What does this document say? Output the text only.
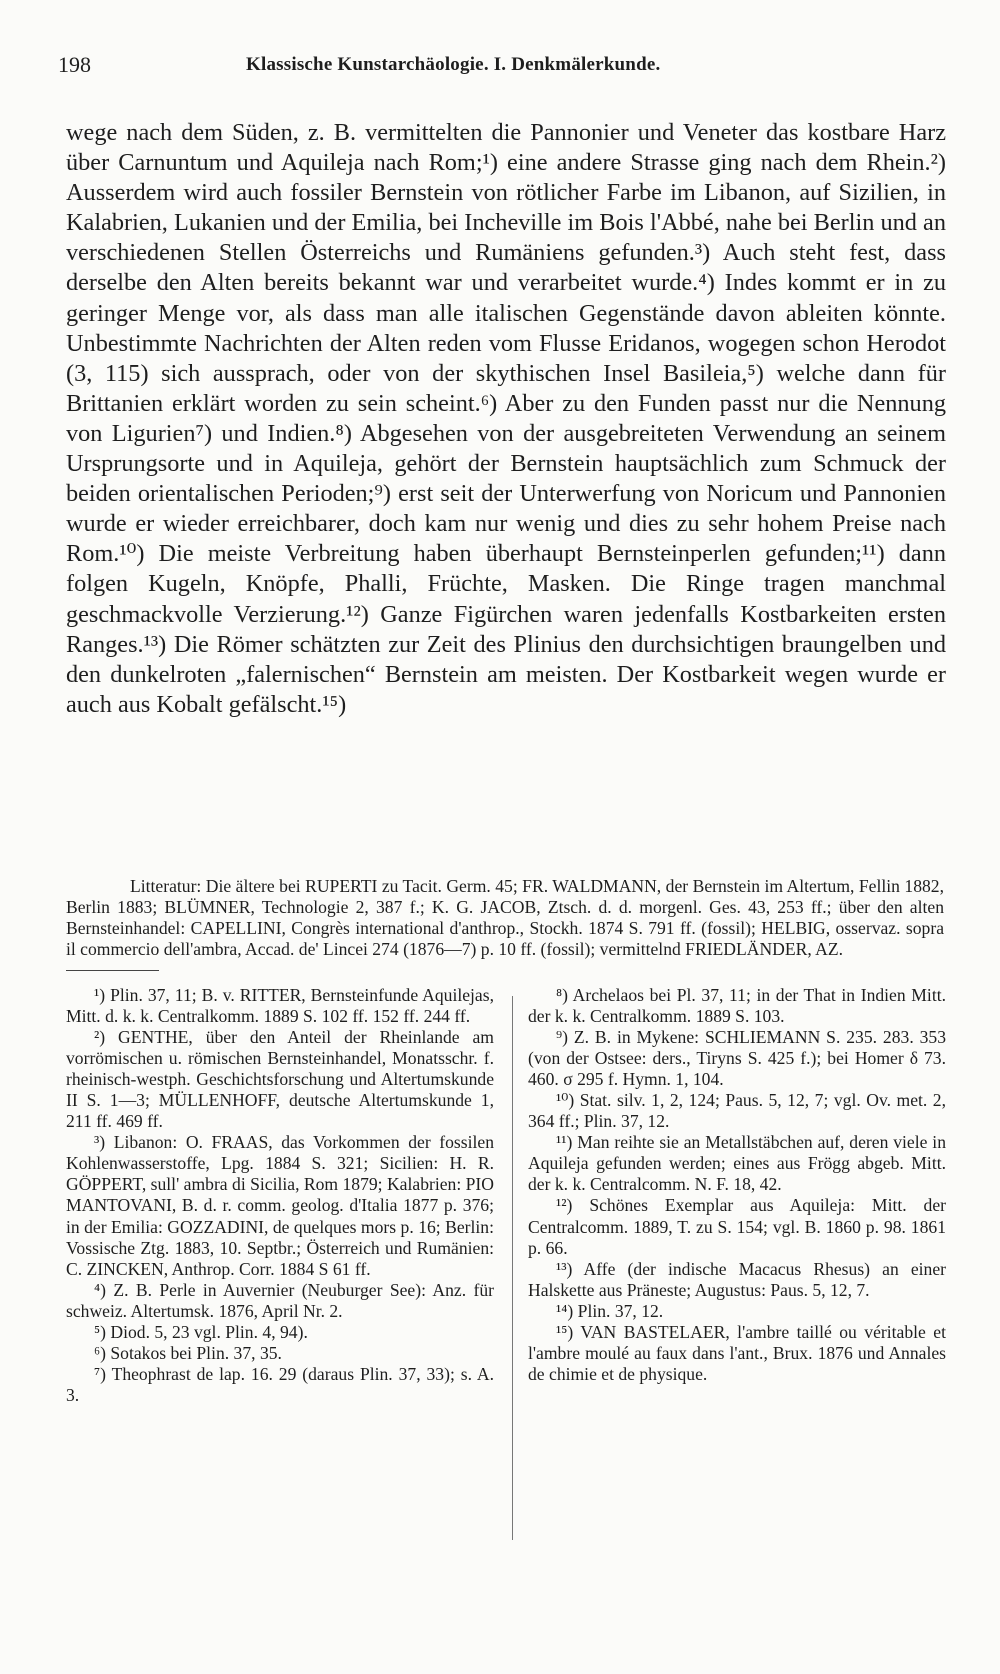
198	Klassische Kunstarchäologie. I. Denkmälerkunde.

wege nach dem Süden, z. B. vermittelten die Pannonier und Veneter das kostbare Harz über Carnuntum und Aquileja nach Rom;¹) eine andere Strasse ging nach dem Rhein.²) Ausserdem wird auch fossiler Bernstein von rötlicher Farbe im Libanon, auf Sizilien, in Kalabrien, Lukanien und der Emilia, bei Incheville im Bois l'Abbé, nahe bei Berlin und an verschiedenen Stellen Österreichs und Rumäniens gefunden.³) Auch steht fest, dass derselbe den Alten bereits bekannt war und verarbeitet wurde.⁴) Indes kommt er in zu geringer Menge vor, als dass man alle italischen Gegenstände davon ableiten könnte. Unbestimmte Nachrichten der Alten reden vom Flusse Eridanos, wogegen schon Herodot (3, 115) sich aussprach, oder von der skythischen Insel Basileia,⁵) welche dann für Brittanien erklärt worden zu sein scheint.⁶) Aber zu den Funden passt nur die Nennung von Ligurien⁷) und Indien.⁸) Abgesehen von der ausgebreiteten Verwendung an seinem Ursprungsorte und in Aquileja, gehört der Bernstein hauptsächlich zum Schmuck der beiden orientalischen Perioden;⁹) erst seit der Unterwerfung von Noricum und Pannonien wurde er wieder erreichbarer, doch kam nur wenig und dies zu sehr hohem Preise nach Rom.¹⁰) Die meiste Verbreitung haben überhaupt Bernsteinperlen gefunden;¹¹) dann folgen Kugeln, Knöpfe, Phalli, Früchte, Masken. Die Ringe tragen manchmal geschmackvolle Verzierung.¹²) Ganze Figürchen waren jedenfalls Kostbarkeiten ersten Ranges.¹³) Die Römer schätzten zur Zeit des Plinius den durchsichtigen braungelben und den dunkelroten „falernischen“ Bernstein am meisten. Der Kostbarkeit wegen wurde er auch aus Kobalt gefälscht.¹⁵)

Litteratur: Die ältere bei RUPERTI zu Tacit. Germ. 45; FR. WALDMANN, der Bernstein im Altertum, Fellin 1882, Berlin 1883; BLÜMNER, Technologie 2, 387 f.; K. G. JACOB, Ztsch. d. d. morgenl. Ges. 43, 253 ff.; über den alten Bernsteinhandel: CAPELLINI, Congrès international d'anthrop., Stockh. 1874 S. 791 ff. (fossil); HELBIG, osservaz. sopra il commercio dell'ambra, Accad. de' Lincei 274 (1876—7) p. 10 ff. (fossil); vermittelnd FRIEDLÄNDER, AZ.

¹) Plin. 37, 11; B. v. RITTER, Bernsteinfunde Aquilejas, Mitt. d. k. k. Centralkomm. 1889 S. 102 ff. 152 ff. 244 ff.

²) GENTHE, über den Anteil der Rheinlande am vorrömischen u. römischen Bernsteinhandel, Monatsschr. f. rheinisch-westph. Geschichtsforschung und Altertumskunde II S. 1—3; MÜLLENHOFF, deutsche Altertumskunde 1, 211 ff. 469 ff.

³) Libanon: O. FRAAS, das Vorkommen der fossilen Kohlenwasserstoffe, Lpg. 1884 S. 321; Sicilien: H. R. GÖPPERT, sull' ambra di Sicilia, Rom 1879; Kalabrien: PIO MANTOVANI, B. d. r. comm. geolog. d'Italia 1877 p. 376; in der Emilia: GOZZADINI, de quelques mors p. 16; Berlin: Vossische Ztg. 1883, 10. Septbr.; Österreich und Rumänien: C. ZINCKEN, Anthrop. Corr. 1884 S 61 ff.

⁴) Z. B. Perle in Auvernier (Neuburger See): Anz. für schweiz. Altertumsk. 1876, April Nr. 2.

⁵) Diod. 5, 23 vgl. Plin. 4, 94).

⁶) Sotakos bei Plin. 37, 35.

⁷) Theophrast de lap. 16. 29 (daraus Plin. 37, 33); s. A. 3.

⁸) Archelaos bei Pl. 37, 11; in der That in Indien Mitt. der k. k. Centralkomm. 1889 S. 103.

⁹) Z. B. in Mykene: SCHLIEMANN S. 235. 283. 353 (von der Ostsee: ders., Tiryns S. 425 f.); bei Homer δ 73. 460. σ 295 f. Hymn. 1, 104.

¹⁰) Stat. silv. 1, 2, 124; Paus. 5, 12, 7; vgl. Ov. met. 2, 364 ff.; Plin. 37, 12.

¹¹) Man reihte sie an Metallstäbchen auf, deren viele in Aquileja gefunden werden; eines aus Frögg abgeb. Mitt. der k. k. Centralcomm. N. F. 18, 42.

¹²) Schönes Exemplar aus Aquileja: Mitt. der Centralcomm. 1889, T. zu S. 154; vgl. B. 1860 p. 98. 1861 p. 66.

¹³) Affe (der indische Macacus Rhesus) an einer Halskette aus Präneste; Augustus: Paus. 5, 12, 7.

¹⁴) Plin. 37, 12.

¹⁵) VAN BASTELAER, l'ambre taillé ou véritable et l'ambre moulé au faux dans l'ant., Brux. 1876 und Annales de chimie et de physique.
